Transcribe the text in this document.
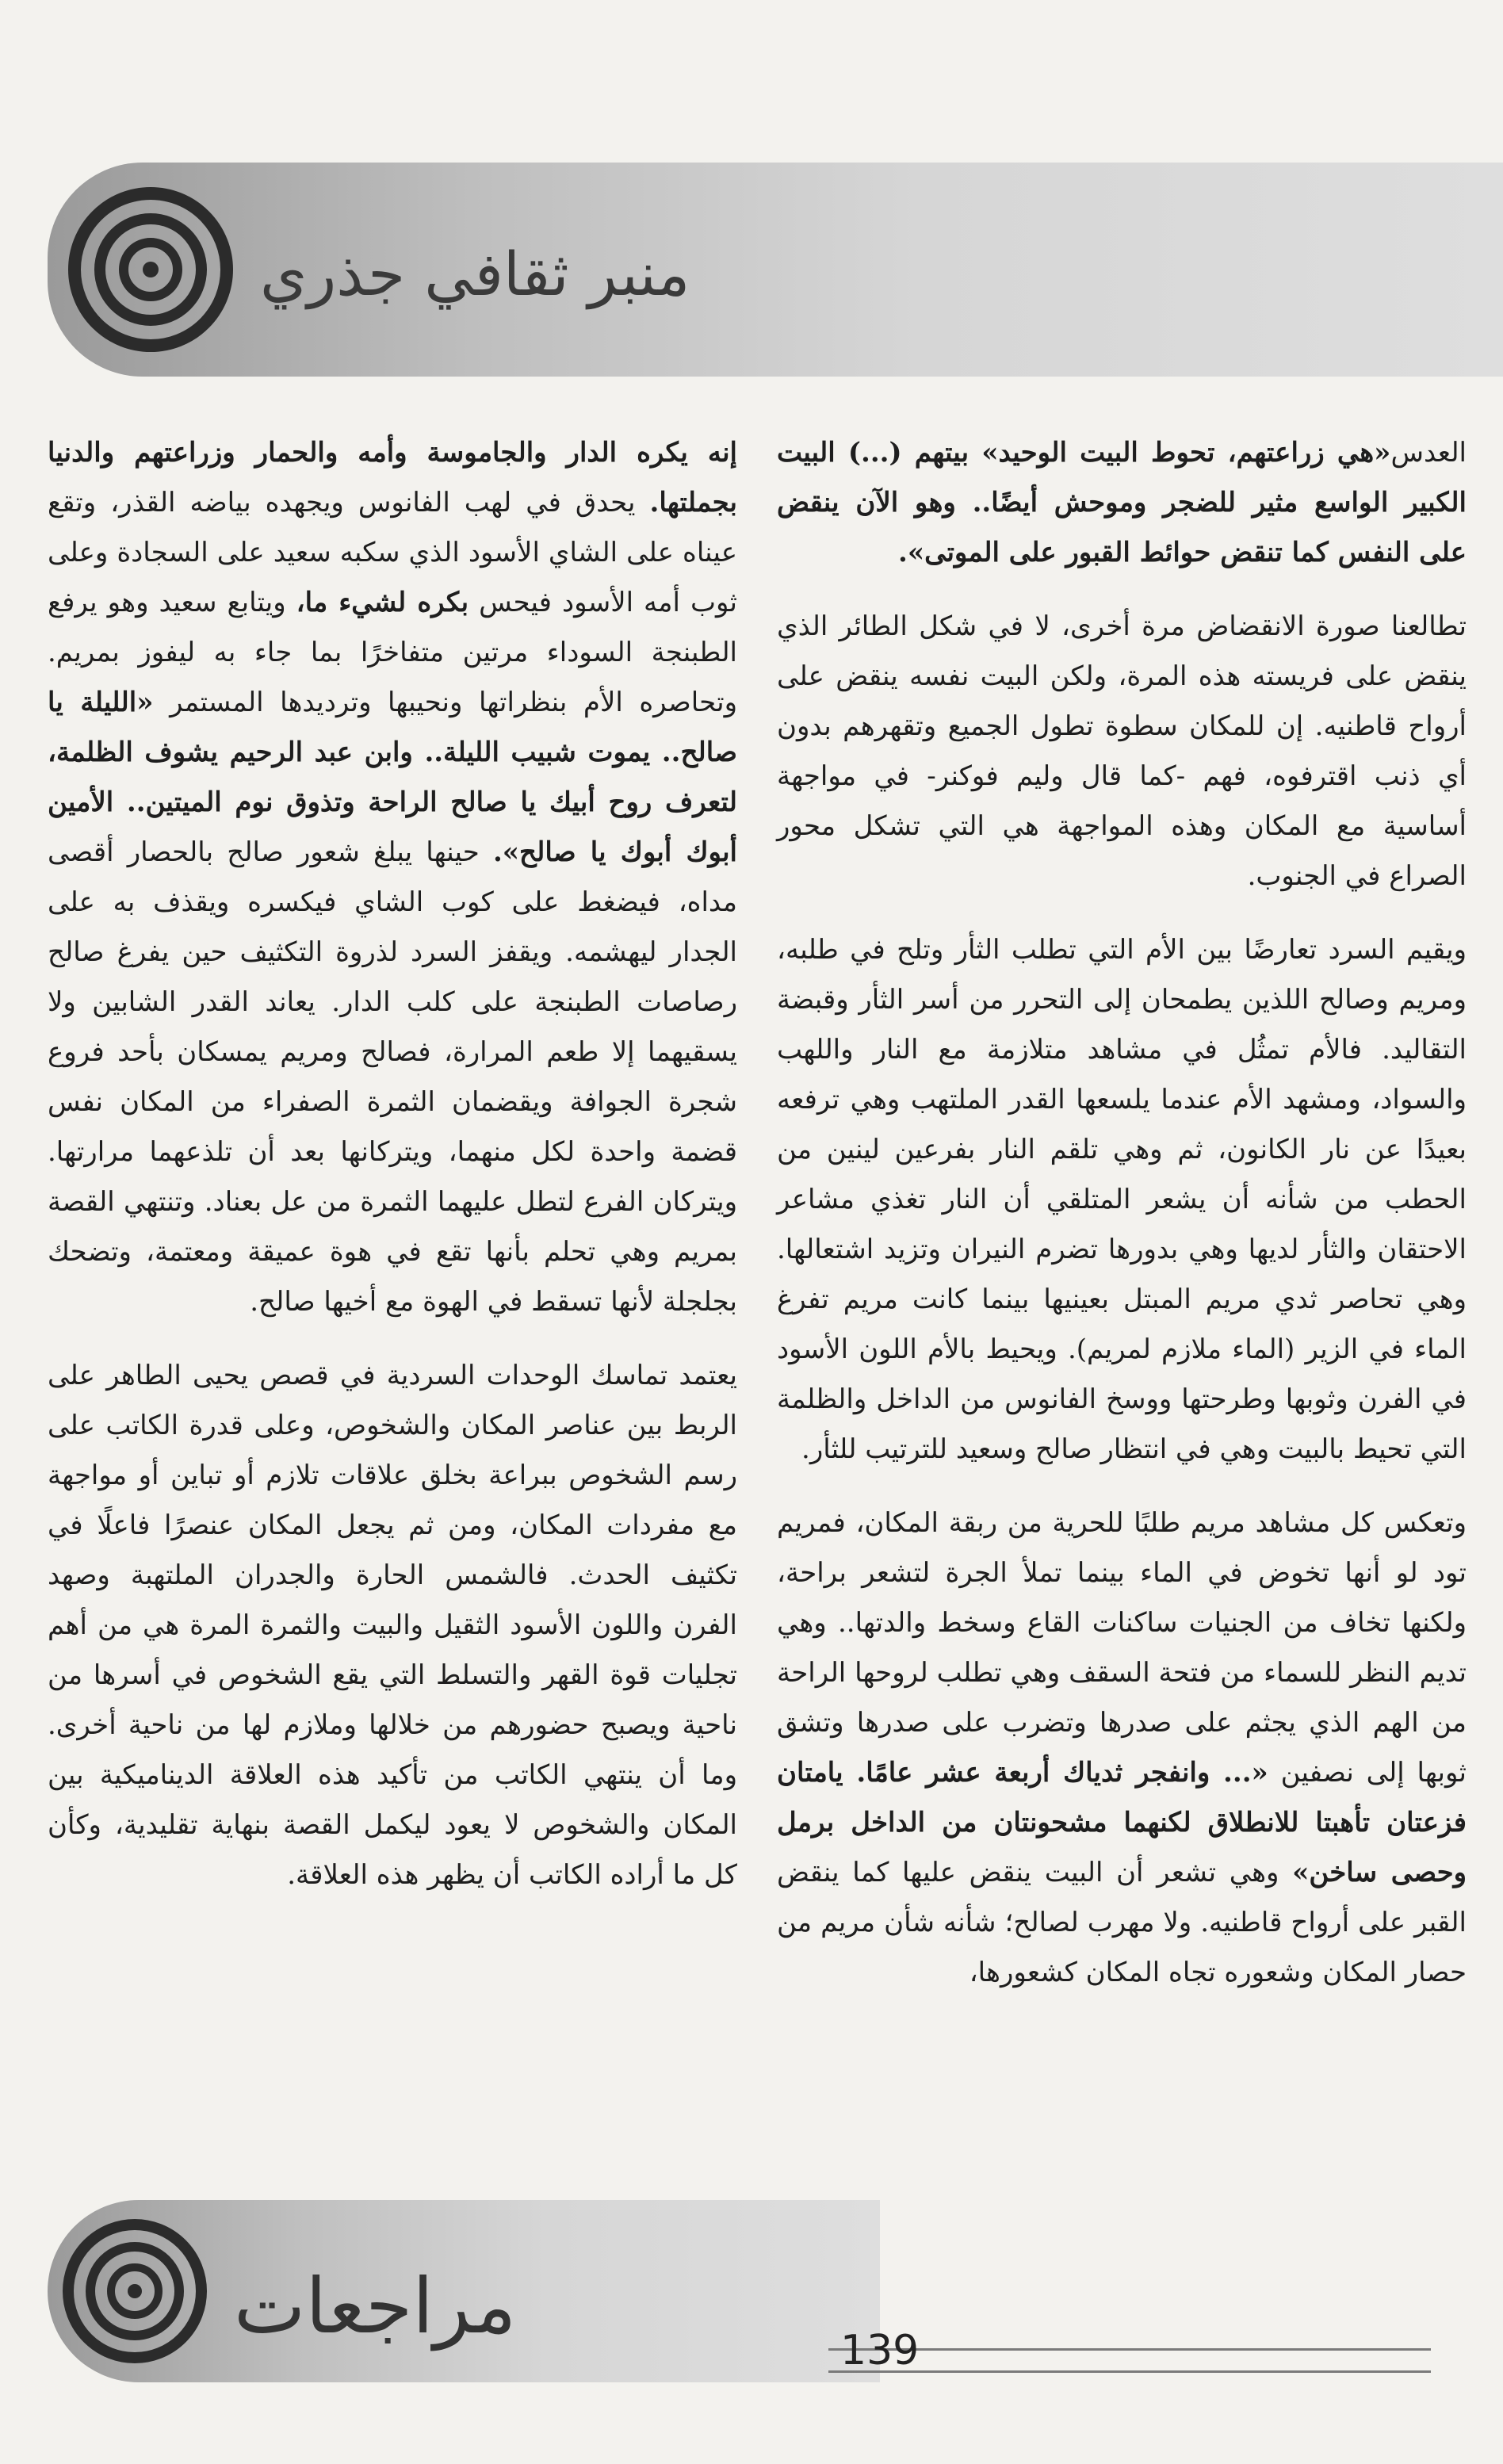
منبر ثقافي جذري

العدس«هي زراعتهم، تحوط البيت الوحيد» بيتهم (...) البيت الكبير الواسع مثير للضجر وموحش أيضًا.. وهو الآن ينقض على النفس كما تنقض حوائط القبور على الموتى».

تطالعنا صورة الانقضاض مرة أخرى، لا في شكل الطائر الذي ينقض على فريسته هذه المرة، ولكن البيت نفسه ينقض على أرواح قاطنيه. إن للمكان سطوة تطول الجميع وتقهرهم بدون أي ذنب اقترفوه، فهم -كما قال وليم فوكنر- في مواجهة أساسية مع المكان وهذه المواجهة هي التي تشكل محور الصراع في الجنوب.

ويقيم السرد تعارضًا بين الأم التي تطلب الثأر وتلح في طلبه، ومريم وصالح اللذين يطمحان إلى التحرر من أسر الثأر وقبضة التقاليد. فالأم تمثُل في مشاهد متلازمة مع النار واللهب والسواد، ومشهد الأم عندما يلسعها القدر الملتهب وهي ترفعه بعيدًا عن نار الكانون، ثم وهي تلقم النار بفرعين لينين من الحطب من شأنه أن يشعر المتلقي أن النار تغذي مشاعر الاحتقان والثأر لديها وهي بدورها تضرم النيران وتزيد اشتعالها. وهي تحاصر ثدي مريم المبتل بعينيها بينما كانت مريم تفرغ الماء في الزير (الماء ملازم لمريم). ويحيط بالأم اللون الأسود في الفرن وثوبها وطرحتها ووسخ الفانوس من الداخل والظلمة التي تحيط بالبيت وهي في انتظار صالح وسعيد للترتيب للثأر.

وتعكس كل مشاهد مريم طلبًا للحرية من ربقة المكان، فمريم تود لو أنها تخوض في الماء بينما تملأ الجرة لتشعر براحة، ولكنها تخاف من الجنيات ساكنات القاع وسخط والدتها.. وهي تديم النظر للسماء من فتحة السقف وهي تطلب لروحها الراحة من الهم الذي يجثم على صدرها وتضرب على صدرها وتشق ثوبها إلى نصفين «... وانفجر ثدياك أربعة عشر عامًا. يامتان فزعتان تأهبتا للانطلاق لكنهما مشحونتان من الداخل برمل وحصى ساخن» وهي تشعر أن البيت ينقض عليها كما ينقض القبر على أرواح قاطنيه. ولا مهرب لصالح؛ شأنه شأن مريم من حصار المكان وشعوره تجاه المكان كشعورها،

إنه يكره الدار والجاموسة وأمه والحمار وزراعتهم والدنيا بجملتها. يحدق في لهب الفانوس ويجهده بياضه القذر، وتقع عيناه على الشاي الأسود الذي سكبه سعيد على السجادة وعلى ثوب أمه الأسود فيحس بكره لشيء ما، ويتابع سعيد وهو يرفع الطبنجة السوداء مرتين متفاخرًا بما جاء به ليفوز بمريم. وتحاصره الأم بنظراتها ونحيبها وترديدها المستمر «الليلة يا صالح.. يموت شبيب الليلة.. وابن عبد الرحيم يشوف الظلمة، لتعرف روح أبيك يا صالح الراحة وتذوق نوم الميتين.. الأمين أبوك أبوك يا صالح». حينها يبلغ شعور صالح بالحصار أقصى مداه، فيضغط على كوب الشاي فيكسره ويقذف به على الجدار ليهشمه. ويقفز السرد لذروة التكثيف حين يفرغ صالح رصاصات الطبنجة على كلب الدار. يعاند القدر الشابين ولا يسقيهما إلا طعم المرارة، فصالح ومريم يمسكان بأحد فروع شجرة الجوافة ويقضمان الثمرة الصفراء من المكان نفس قضمة واحدة لكل منهما، ويتركانها بعد أن تلذعهما مرارتها. ويتركان الفرع لتطل عليهما الثمرة من عل بعناد. وتنتهي القصة بمريم وهي تحلم بأنها تقع في هوة عميقة ومعتمة، وتضحك بجلجلة لأنها تسقط في الهوة مع أخيها صالح.

يعتمد تماسك الوحدات السردية في قصص يحيى الطاهر على الربط بين عناصر المكان والشخوص، وعلى قدرة الكاتب على رسم الشخوص ببراعة بخلق علاقات تلازم أو تباين أو مواجهة مع مفردات المكان، ومن ثم يجعل المكان عنصرًا فاعلًا في تكثيف الحدث. فالشمس الحارة والجدران الملتهبة وصهد الفرن واللون الأسود الثقيل والبيت والثمرة المرة هي من أهم تجليات قوة القهر والتسلط التي يقع الشخوص في أسرها من ناحية ويصبح حضورهم من خلالها وملازم لها من ناحية أخرى. وما أن ينتهي الكاتب من تأكيد هذه العلاقة الديناميكية بين المكان والشخوص لا يعود ليكمل القصة بنهاية تقليدية، وكأن كل ما أراده الكاتب أن يظهر هذه العلاقة.

مراجعات	139
